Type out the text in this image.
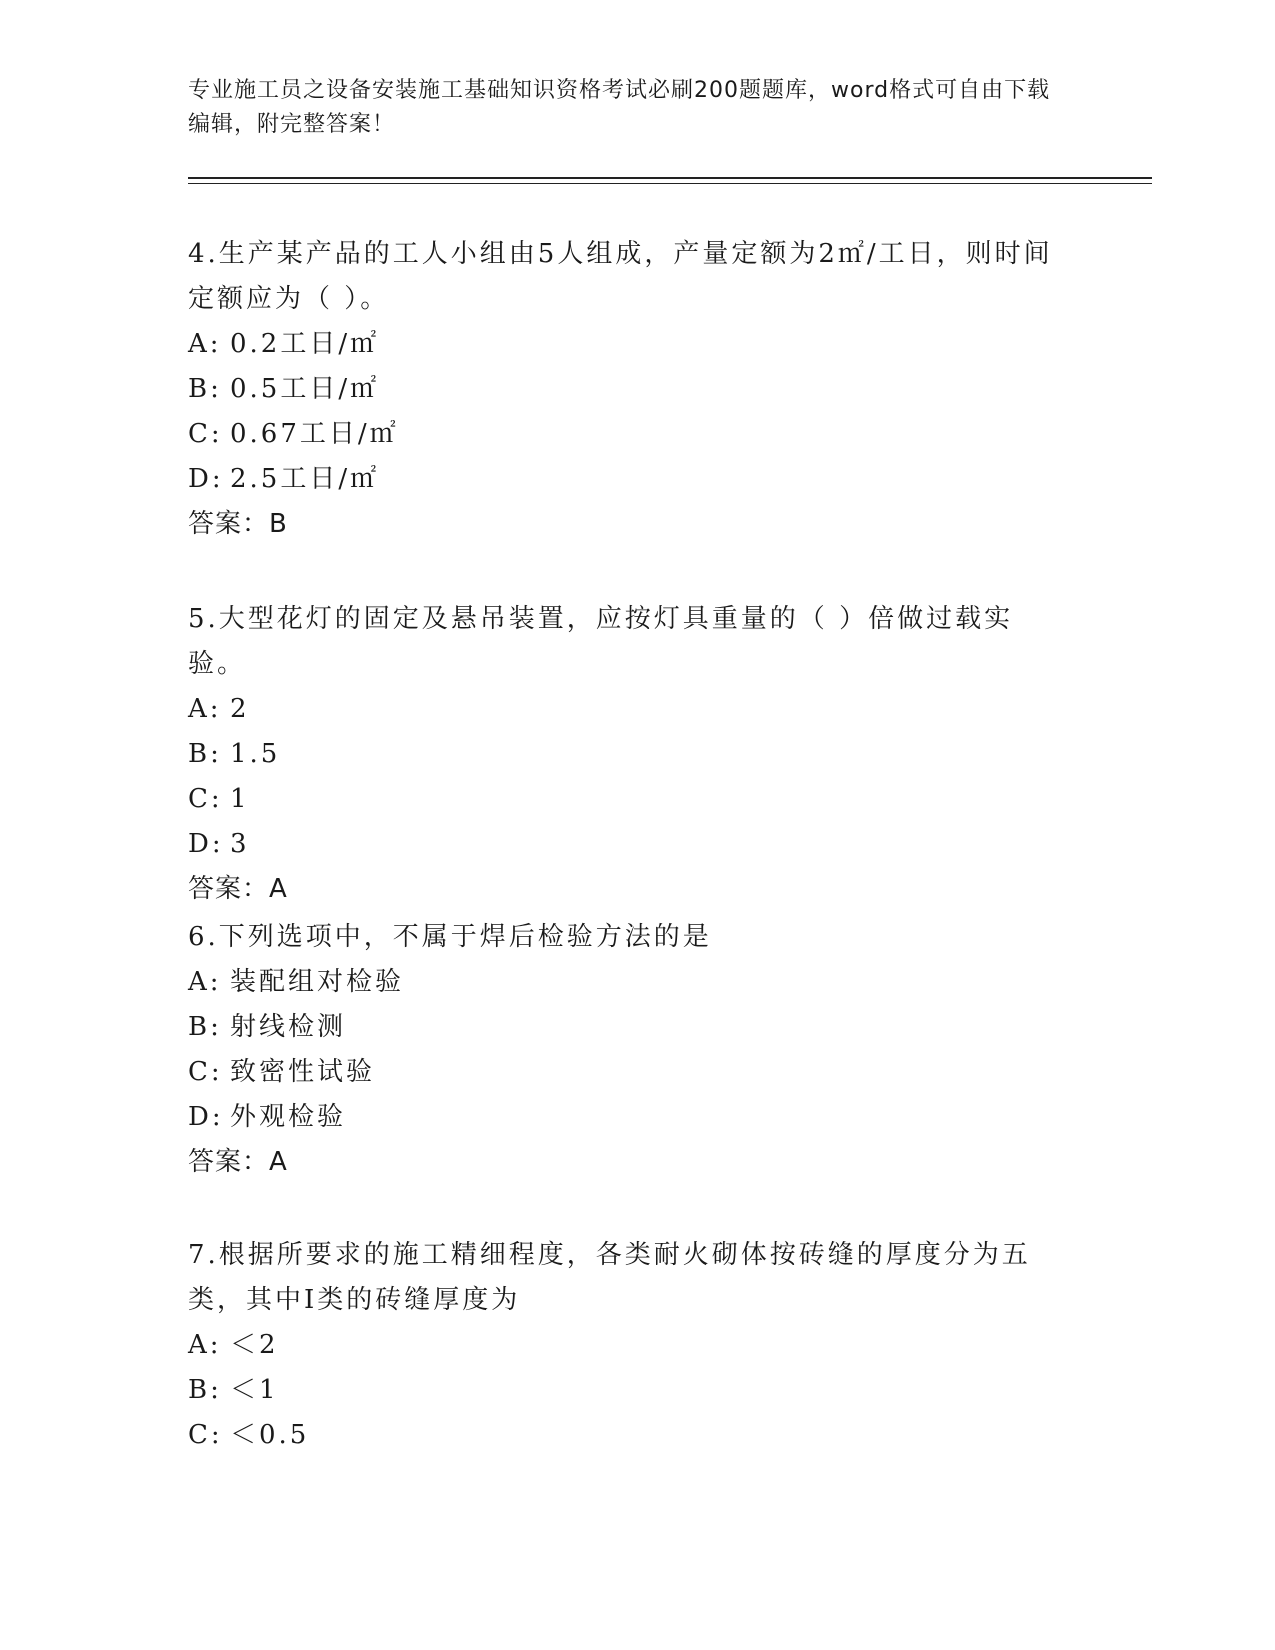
专业施工员之设备安装施工基础知识资格考试必刷200题题库，word格式可自由下载编辑，附完整答案！
4.生产某产品的工人小组由5人组成，产量定额为2㎡/工日，则时间定额应为（ ）。
A: 0.2工日/㎡
B: 0.5工日/㎡
C: 0.67工日/㎡
D: 2.5工日/㎡
答案：B
5.大型花灯的固定及悬吊装置，应按灯具重量的（ ）倍做过载实验。
A: 2
B: 1.5
C: 1
D: 3
答案：A
6.下列选项中，不属于焊后检验方法的是
A: 装配组对检验
B: 射线检测
C: 致密性试验
D: 外观检验
答案：A
7.根据所要求的施工精细程度，各类耐火砌体按砖缝的厚度分为五类，其中Ⅰ类的砖缝厚度为
A: ＜2
B: ＜1
C: ＜0.5
